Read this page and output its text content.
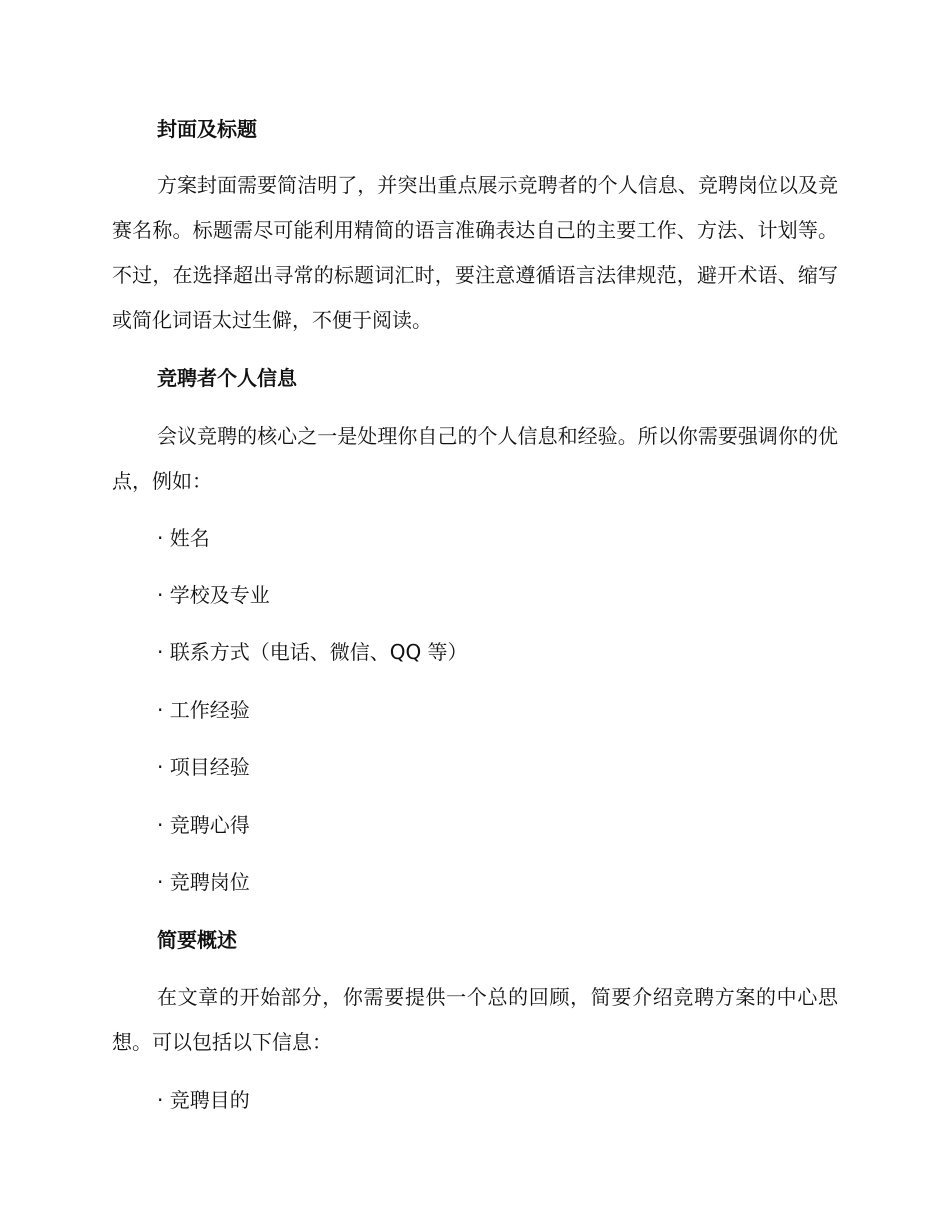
封面及标题

方案封面需要简洁明了，并突出重点展示竞聘者的个人信息、竞聘岗位以及竞赛名称。标题需尽可能利用精简的语言准确表达自己的主要工作、方法、计划等。不过，在选择超出寻常的标题词汇时，要注意遵循语言法律规范，避开术语、缩写或简化词语太过生僻，不便于阅读。

竞聘者个人信息

会议竞聘的核心之一是处理你自己的个人信息和经验。所以你需要强调你的优点，例如：

· 姓名
· 学校及专业
· 联系方式（电话、微信、QQ 等）
· 工作经验
· 项目经验
· 竞聘心得
· 竞聘岗位
简要概述

在文章的开始部分，你需要提供一个总的回顾，简要介绍竞聘方案的中心思想。可以包括以下信息：

· 竞聘目的
